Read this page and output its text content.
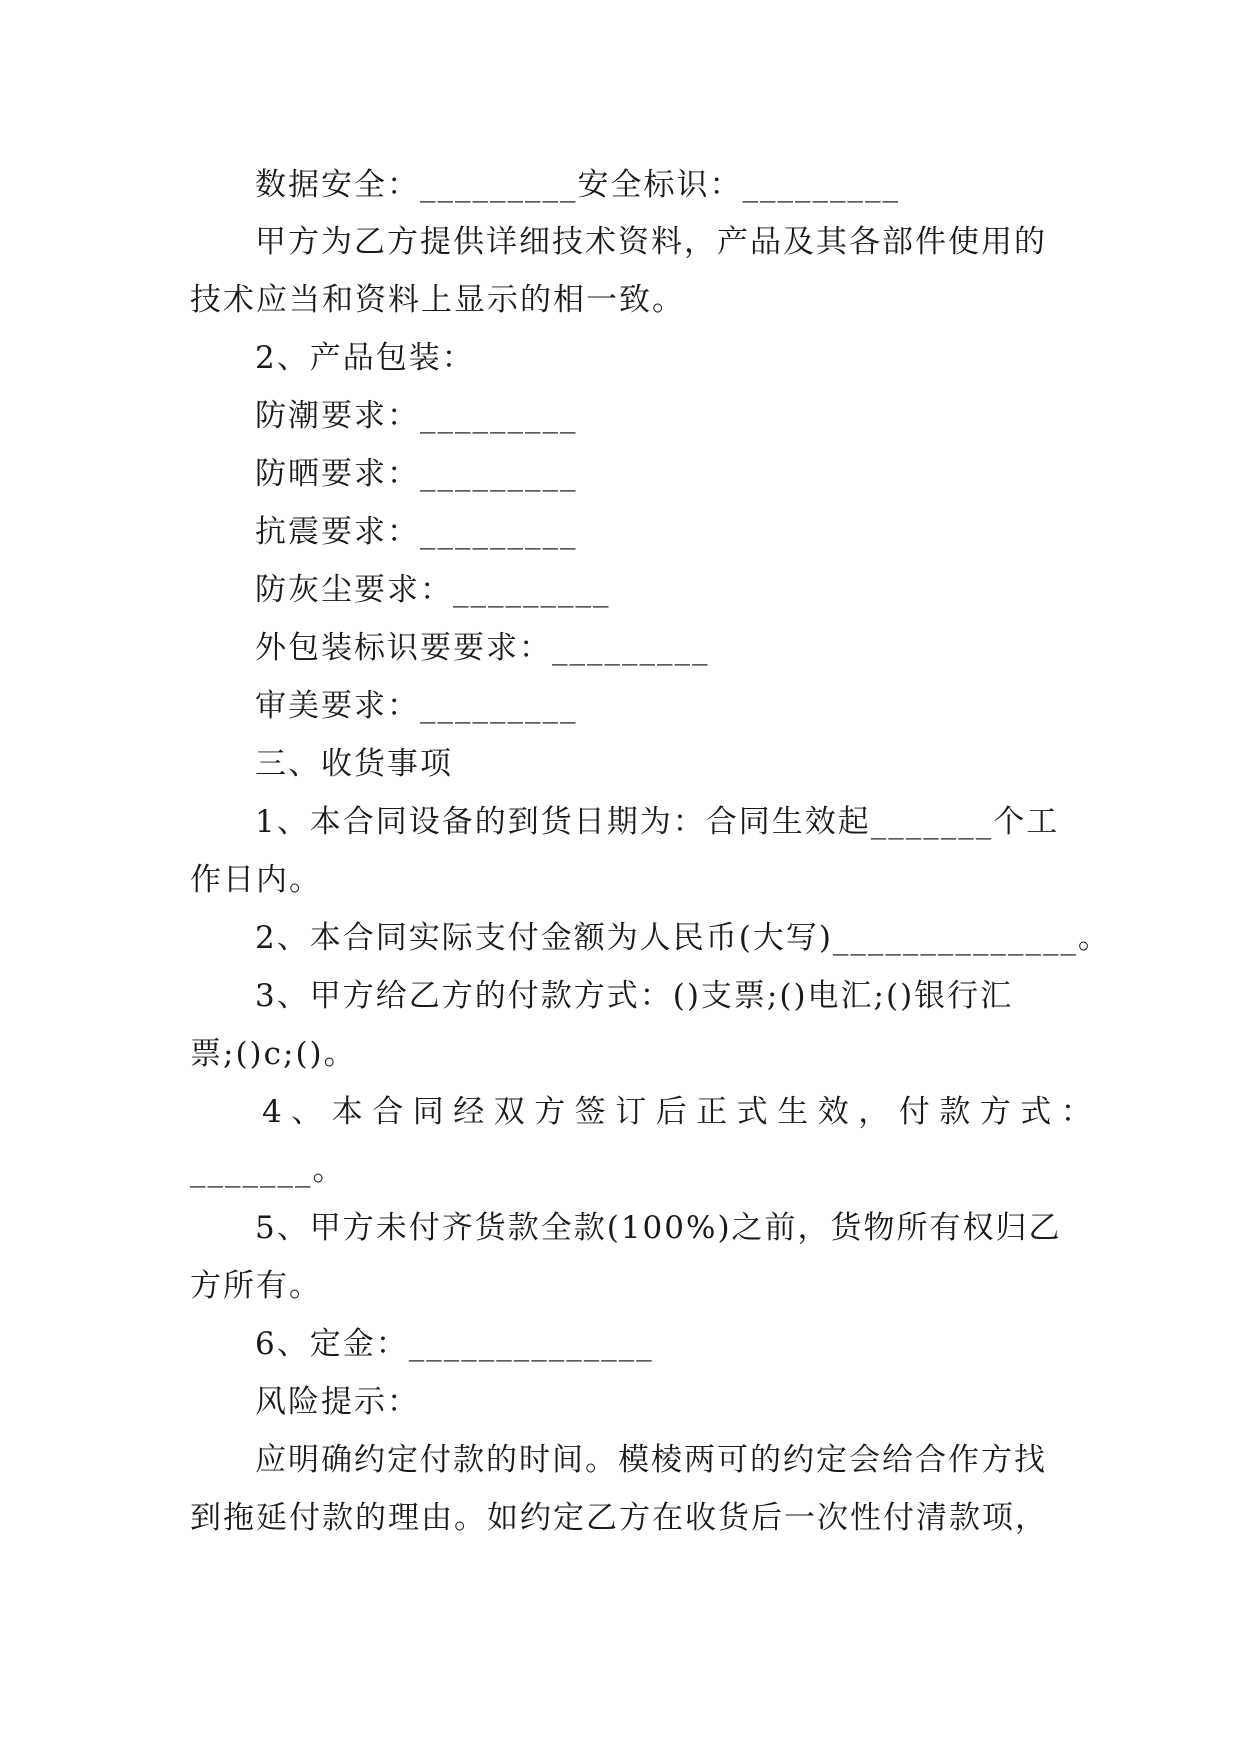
数据安全：_________安全标识：_________
甲方为乙方提供详细技术资料，产品及其各部件使用的
技术应当和资料上显示的相一致。
2、产品包装：
防潮要求：_________
防晒要求：_________
抗震要求：_________
防灰尘要求：_________
外包装标识要要求：_________
审美要求：_________
三、收货事项
1、本合同设备的到货日期为：合同生效起_______个工
作日内。
2、本合同实际支付金额为人民币(大写)______________。
3、甲方给乙方的付款方式：()支票;()电汇;()银行汇
票;()c;()。
4、本合同经双方签订后正式生效，付款方式：
_______。
5、甲方未付齐货款全款(100%)之前，货物所有权归乙
方所有。
6、定金：______________
风险提示：
应明确约定付款的时间。模棱两可的约定会给合作方找
到拖延付款的理由。如约定乙方在收货后一次性付清款项，
